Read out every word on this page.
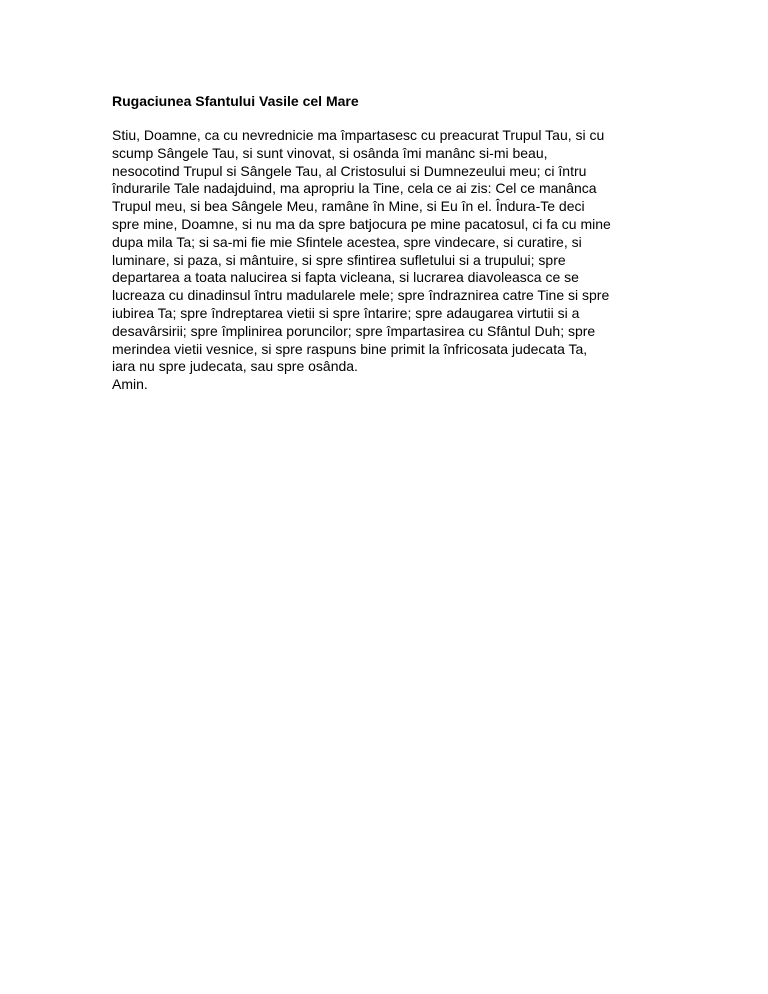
Rugaciunea Sfantului Vasile cel Mare
Stiu, Doamne, ca cu nevrednicie ma împartasesc cu preacurat Trupul Tau, si cu
scump Sângele Tau, si sunt vinovat, si osânda îmi manânc si-mi beau,
nesocotind Trupul si Sângele Tau, al Cristosului si Dumnezeului meu; ci întru
îndurarile Tale nadajduind, ma apropriu la Tine, cela ce ai zis: Cel ce manânca
Trupul meu, si bea Sângele Meu, ramâne în Mine, si Eu în el. Îndura-Te deci
spre mine, Doamne, si nu ma da spre batjocura pe mine pacatosul, ci fa cu mine
dupa mila Ta; si sa-mi fie mie Sfintele acestea, spre vindecare, si curatire, si
luminare, si paza, si mântuire, si spre sfintirea sufletului si a trupului; spre
departarea a toata nalucirea si fapta vicleana, si lucrarea diavoleasca ce se
lucreaza cu dinadinsul întru madularele mele; spre îndraznirea catre Tine si spre
iubirea Ta; spre îndreptarea vietii si spre întarire; spre adaugarea virtutii si a
desavârsirii; spre împlinirea poruncilor; spre împartasirea cu Sfântul Duh; spre
merindea vietii vesnice, si spre raspuns bine primit la înfricosata judecata Ta,
iara nu spre judecata, sau spre osânda.
Amin.
